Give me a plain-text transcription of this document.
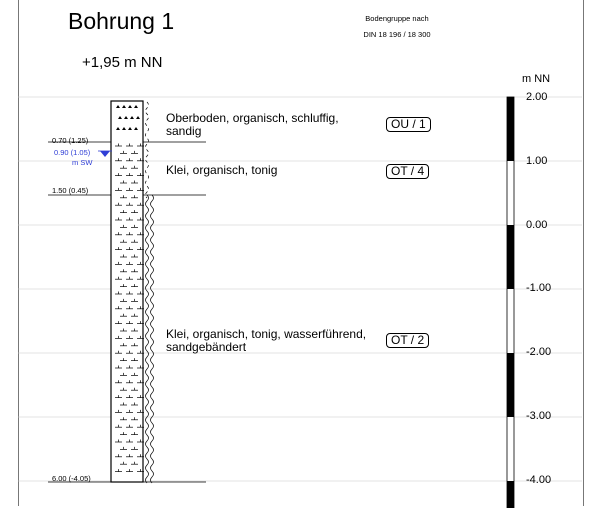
Bohrung 1
+1,95 m NN
Bodengruppe nach
DIN 18 196 / 18 300
m NN
2.00
1.00
0.00
-1.00
-2.00
-3.00
-4.00
0.70 (1.25)
1.50 (0.45)
6.00 (-4.05)
0.90 (1.05)
m SW
Oberboden, organisch, schluffig,
sandig	OU / 1
Klei, organisch, tonig	OT / 4
Klei, organisch, tonig, wasserführend,
sandgebändert	OT / 2
